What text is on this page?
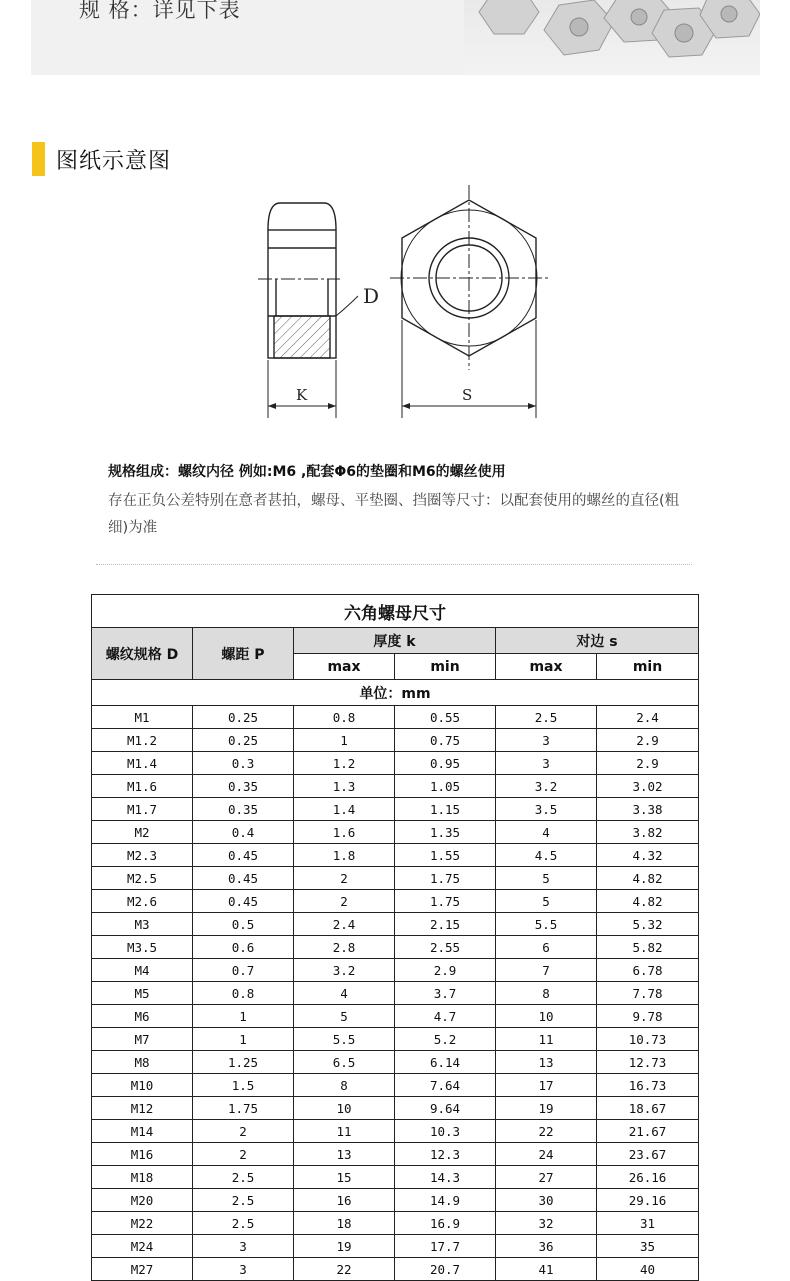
规 格：详见下表
图纸示意图
D
K	S
规格组成：螺纹内径 例如:M6 ,配套Φ6的垫圈和M6的螺丝使用
存在正负公差特别在意者甚拍，螺母、平垫圈、挡圈等尺寸：以配套使用的螺丝的直径(粗细)为准
六角螺母尺寸					
螺纹规格 D	螺距 P	厚度 k		对边 s	
		max	min	max	min
单位：mm					
M1	0.25	0.8	0.55	2.5	2.4
M1.2	0.25	1	0.75	3	2.9
M1.4	0.3	1.2	0.95	3	2.9
M1.6	0.35	1.3	1.05	3.2	3.02
M1.7	0.35	1.4	1.15	3.5	3.38
M2	0.4	1.6	1.35	4	3.82
M2.3	0.45	1.8	1.55	4.5	4.32
M2.5	0.45	2	1.75	5	4.82
M2.6	0.45	2	1.75	5	4.82
M3	0.5	2.4	2.15	5.5	5.32
M3.5	0.6	2.8	2.55	6	5.82
M4	0.7	3.2	2.9	7	6.78
M5	0.8	4	3.7	8	7.78
M6	1	5	4.7	10	9.78
M7	1	5.5	5.2	11	10.73
M8	1.25	6.5	6.14	13	12.73
M10	1.5	8	7.64	17	16.73
M12	1.75	10	9.64	19	18.67
M14	2	11	10.3	22	21.67
M16	2	13	12.3	24	23.67
M18	2.5	15	14.3	27	26.16
M20	2.5	16	14.9	30	29.16
M22	2.5	18	16.9	32	31
M24	3	19	17.7	36	35
M27	3	22	20.7	41	40
